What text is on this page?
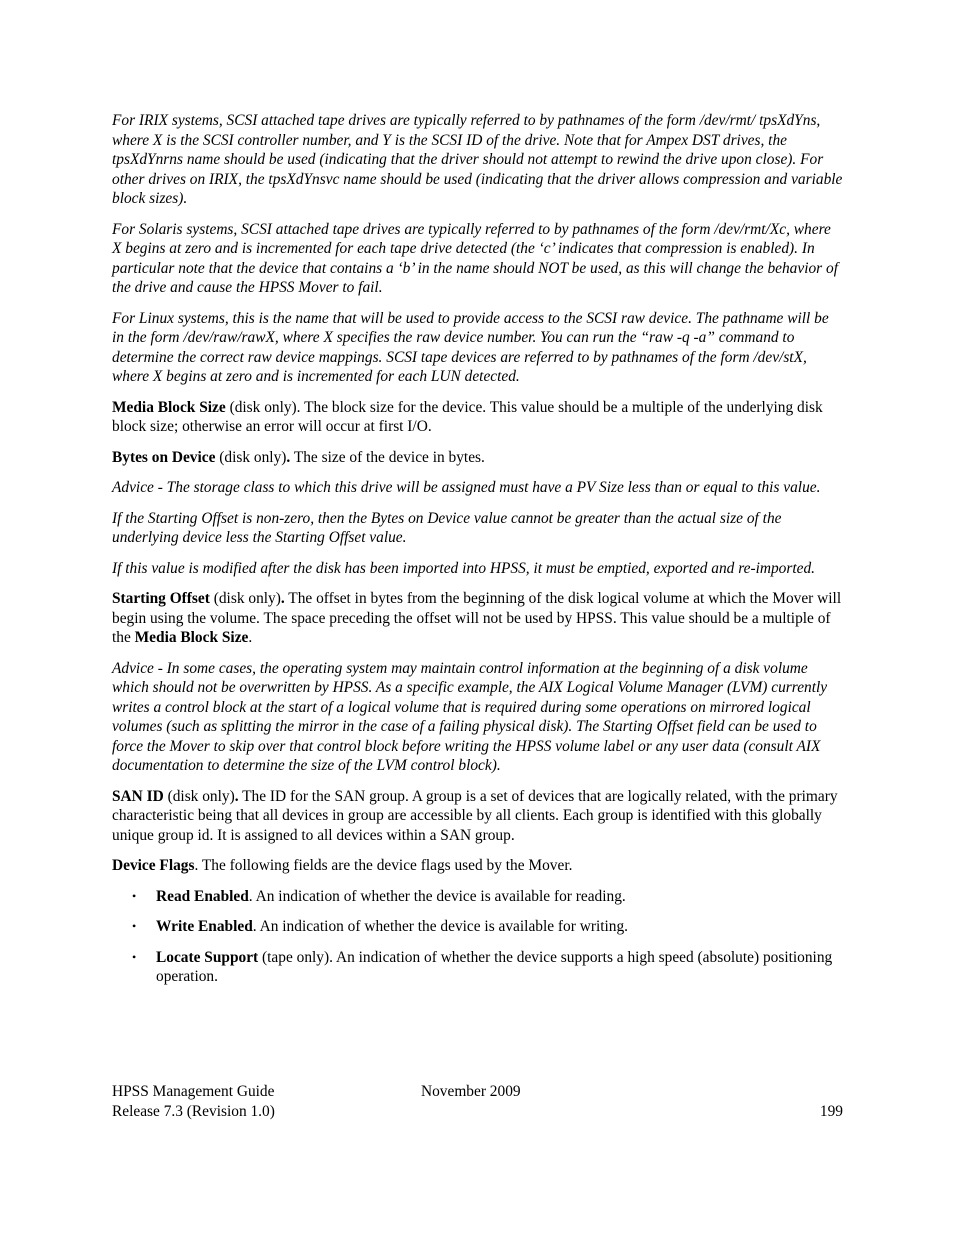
For IRIX systems, SCSI attached tape drives are typically referred to by pathnames of the form /dev/rmt/ tpsXdYns, where X is the SCSI controller number, and Y is the SCSI ID of the drive. Note that for Ampex DST drives, the tpsXdYnrns name should be used (indicating that the driver should not attempt to rewind the drive upon close). For other drives on IRIX, the tpsXdYnsvc name should be used (indicating that the driver allows compression and variable block sizes).

For Solaris systems, SCSI attached tape drives are typically referred to by pathnames of the form /dev/rmt/Xc, where X begins at zero and is incremented for each tape drive detected (the ‘c’ indicates that compression is enabled). In particular note that the device that contains a ‘b’ in the name should NOT be used, as this will change the behavior of the drive and cause the HPSS Mover to fail.

For Linux systems, this is the name that will be used to provide access to the SCSI raw device. The pathname will be in the form /dev/raw/rawX, where X specifies the raw device number. You can run the “raw -q -a” command to determine the correct raw device mappings. SCSI tape devices are referred to by pathnames of the form /dev/stX, where X begins at zero and is incremented for each LUN detected.

Media Block Size (disk only). The block size for the device. This value should be a multiple of the underlying disk block size; otherwise an error will occur at first I/O.

Bytes on Device (disk only). The size of the device in bytes.

Advice - The storage class to which this drive will be assigned must have a PV Size less than or equal to this value.

If the Starting Offset is non-zero, then the Bytes on Device value cannot be greater than the actual size of the underlying device less the Starting Offset value.

If this value is modified after the disk has been imported into HPSS, it must be emptied, exported and re-imported.

Starting Offset (disk only). The offset in bytes from the beginning of the disk logical volume at which the Mover will begin using the volume. The space preceding the offset will not be used by HPSS. This value should be a multiple of the Media Block Size.

Advice - In some cases, the operating system may maintain control information at the beginning of a disk volume which should not be overwritten by HPSS. As a specific example, the AIX Logical Volume Manager (LVM) currently writes a control block at the start of a logical volume that is required during some operations on mirrored logical volumes (such as splitting the mirror in the case of a failing physical disk). The Starting Offset field can be used to force the Mover to skip over that control block before writing the HPSS volume label or any user data (consult AIX documentation to determine the size of the LVM control block).

SAN ID (disk only). The ID for the SAN group. A group is a set of devices that are logically related, with the primary characteristic being that all devices in group are accessible by all clients. Each group is identified with this globally unique group id. It is assigned to all devices within a SAN group.

Device Flags. The following fields are the device flags used by the Mover.

• Read Enabled. An indication of whether the device is available for reading.
• Write Enabled. An indication of whether the device is available for writing.
• Locate Support (tape only). An indication of whether the device supports a high speed (absolute) positioning operation.
HPSS Management Guide	November 2009
Release 7.3 (Revision 1.0)	199
